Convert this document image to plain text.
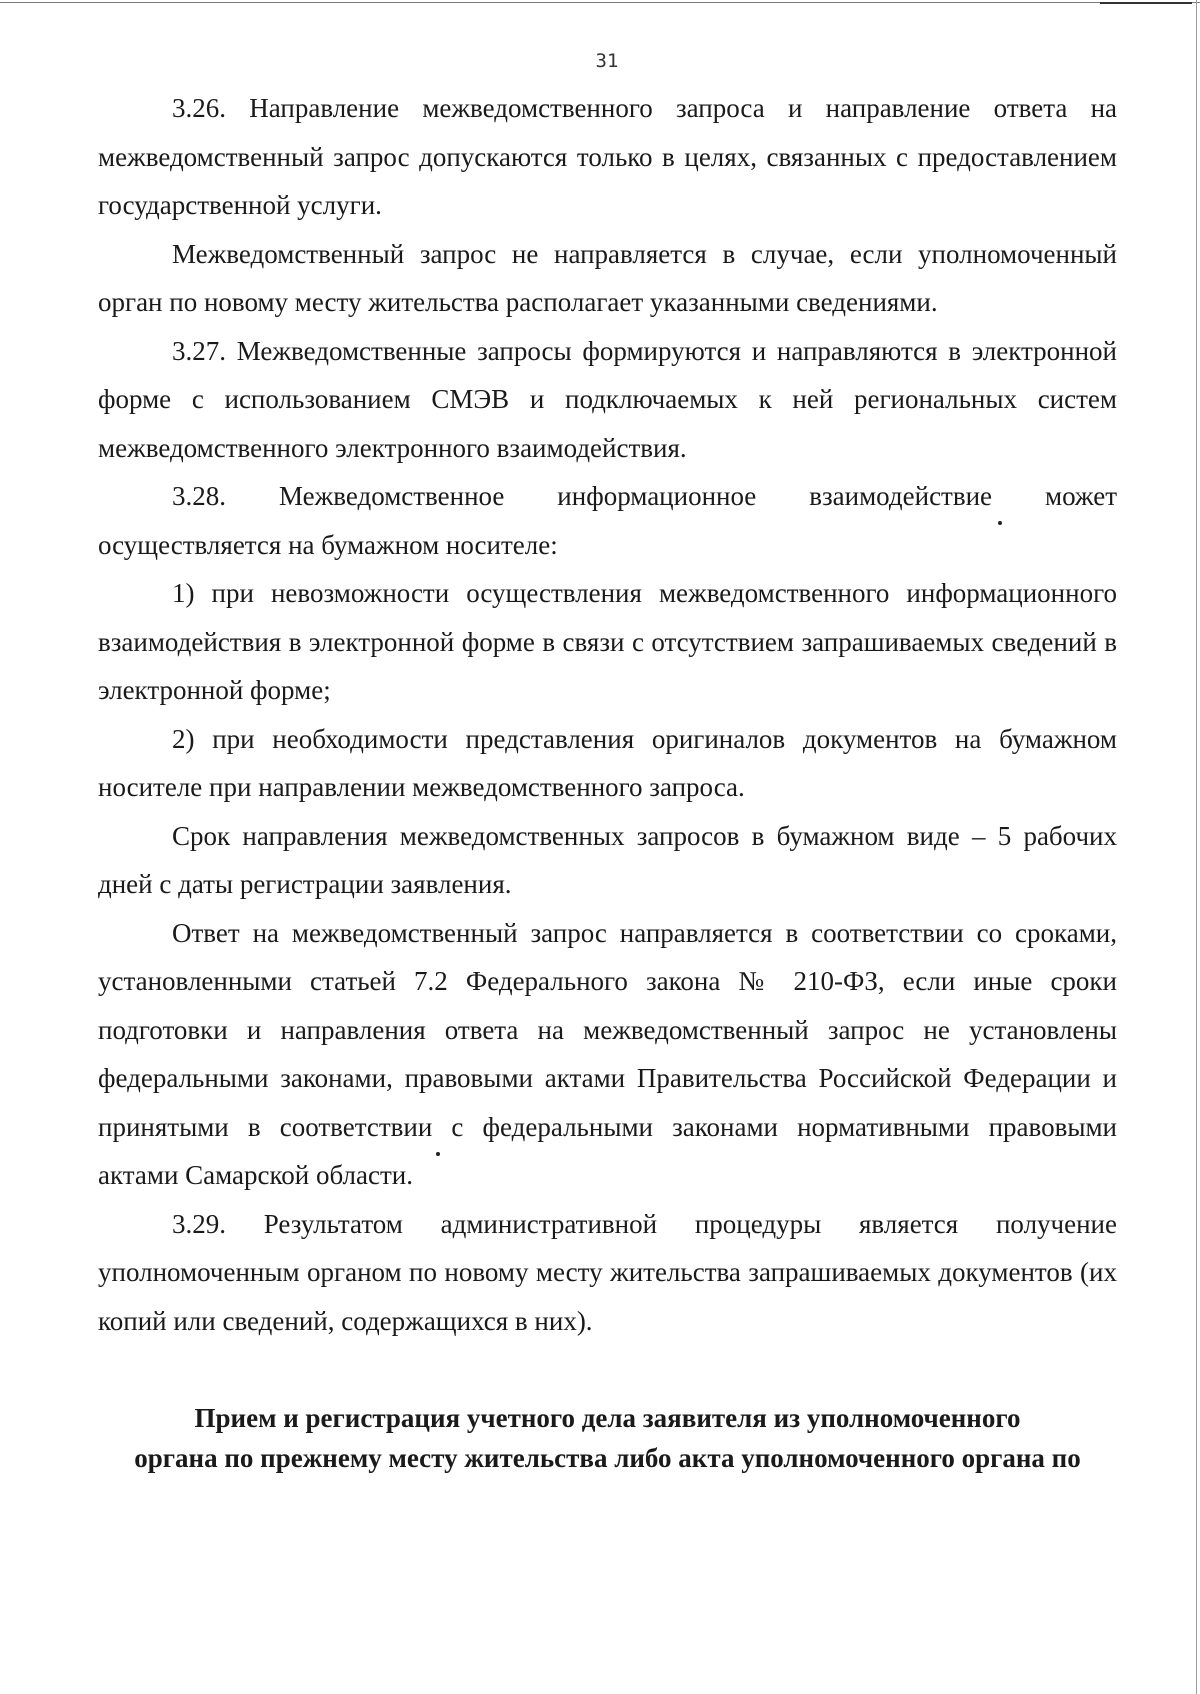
31

3.26. Направление межведомственного запроса и направление ответа на межведомственный запрос допускаются только в целях, связанных с предоставлением государственной услуги.

Межведомственный запрос не направляется в случае, если уполномоченный орган по новому месту жительства располагает указанными сведениями.

3.27. Межведомственные запросы формируются и направляются в электронной форме с использованием СМЭВ и подключаемых к ней региональных систем межведомственного электронного взаимодействия.

3.28. Межведомственное информационное взаимодействие может осуществляется на бумажном носителе:

1) при невозможности осуществления межведомственного информационного взаимодействия в электронной форме в связи с отсутствием запрашиваемых сведений в электронной форме;

2) при необходимости представления оригиналов документов на бумажном носителе при направлении межведомственного запроса.

Срок направления межведомственных запросов в бумажном виде – 5 рабочих дней с даты регистрации заявления.

Ответ на межведомственный запрос направляется в соответствии со сроками, установленными статьей 7.2 Федерального закона № 210-ФЗ, если иные сроки подготовки и направления ответа на межведомственный запрос не установлены федеральными законами, правовыми актами Правительства Российской Федерации и принятыми в соответствии с федеральными законами нормативными правовыми актами Самарской области.

3.29. Результатом административной процедуры является получение уполномоченным органом по новому месту жительства запрашиваемых документов (их копий или сведений, содержащихся в них).

Прием и регистрация учетного дела заявителя из уполномоченного
органа по прежнему месту жительства либо акта уполномоченного органа по
